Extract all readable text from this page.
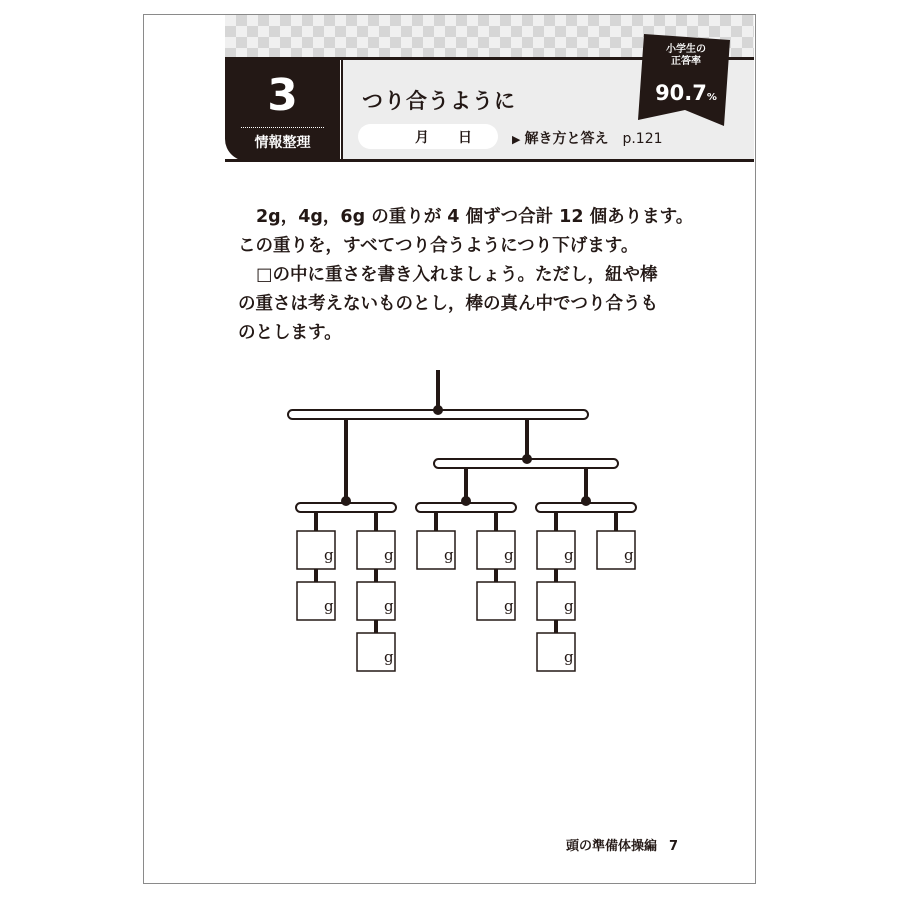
3
情報整理
つり合うように
月 日	▶ 解き方と答え p.121
小学生の
正答率
90.7%

2g，4g，6g の重りが 4 個ずつ合計 12 個あります。

この重りを，すべてつり合うようにつり下げます。

□の中に重さを書き入れましょう。ただし，紐や棒

の重さは考えないものとし，棒の真ん中でつり合うも

のとします。

g
g
g
g
g
g	g
g
g
g
g
g
頭の準備体操編 7
